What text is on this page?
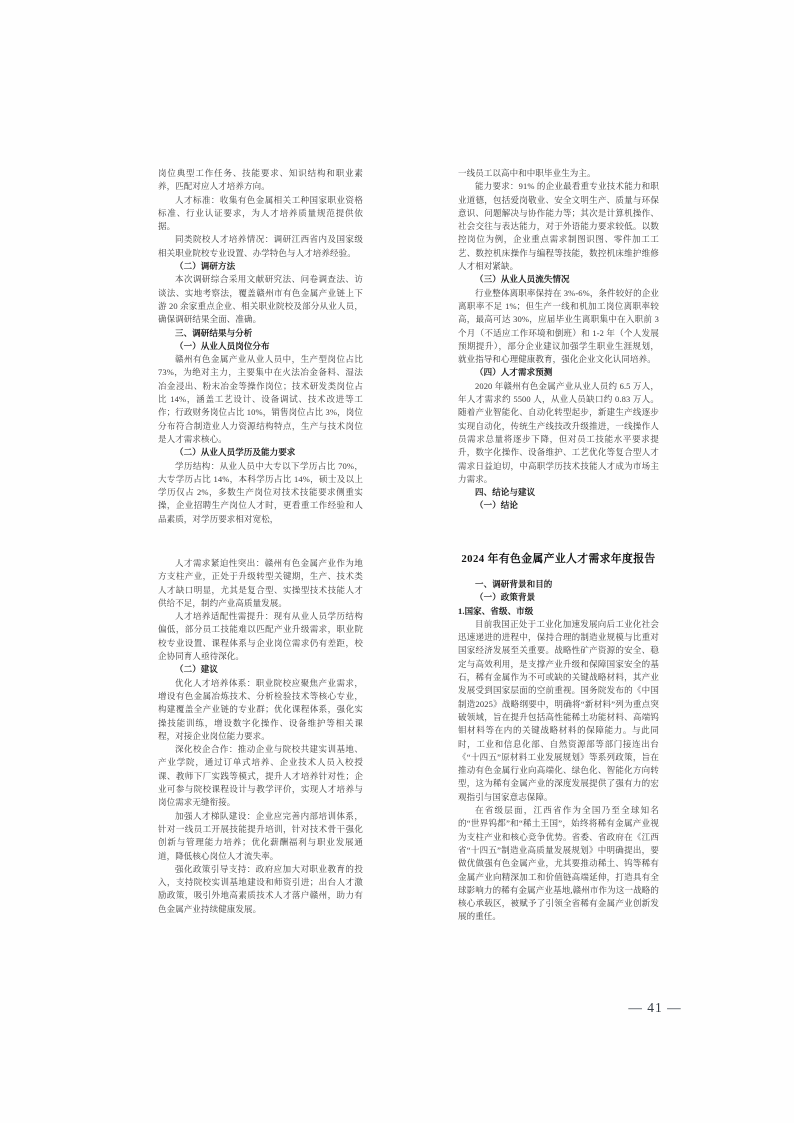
岗位典型工作任务、技能要求、知识结构和职业素养，匹配对应人才培养方向。

人才标准：收集有色金属相关工种国家职业资格标准、行业认证要求，为人才培养质量规范提供依据。

同类院校人才培养情况：调研江西省内及国家级相关职业院校专业设置、办学特色与人才培养经验。

（二）调研方法

本次调研综合采用文献研究法、问卷调查法、访谈法、实地考察法，覆盖赣州市有色金属产业链上下游 20 余家重点企业、相关职业院校及部分从业人员，确保调研结果全面、准确。

三、调研结果与分析

（一）从业人员岗位分布

赣州有色金属产业从业人员中，生产型岗位占比 73%，为绝对主力，主要集中在火法冶金备料、湿法冶金浸出、粉末冶金等操作岗位；技术研发类岗位占比 14%，涵盖工艺设计、设备调试、技术改进等工作；行政财务岗位占比 10%，销售岗位占比 3%，岗位分布符合制造业人力资源结构特点，生产与技术岗位是人才需求核心。

（二）从业人员学历及能力要求

学历结构：从业人员中大专以下学历占比 70%，大专学历占比 14%，本科学历占比 14%，硕士及以上学历仅占 2%，多数生产岗位对技术技能要求侧重实操，企业招聘生产岗位人才时，更看重工作经验和人品素质，对学历要求相对宽松，

一线员工以高中和中职毕业生为主。

能力要求：91% 的企业最看重专业技术能力和职业道德，包括爱岗敬业、安全文明生产、质量与环保意识、问题解决与协作能力等；其次是计算机操作、社会交往与表达能力，对于外语能力要求较低。以数控岗位为例，企业重点需求制图识图、零件加工工艺、数控机床操作与编程等技能，数控机床维护维修人才相对紧缺。

（三）从业人员流失情况

行业整体离职率保持在 3%-6%，条件较好的企业离职率不足 1%；但生产一线和机加工岗位离职率较高，最高可达 30%，应届毕业生离职集中在入职前 3 个月（不适应工作环境和倒班）和 1-2 年（个人发展预期提升），部分企业建议加强学生职业生涯规划，就业指导和心理健康教育，强化企业文化认同培养。

（四）人才需求预测

2020 年赣州有色金属产业从业人员约 6.5 万人，年人才需求约 5500 人，从业人员缺口约 0.83 万人。随着产业智能化、自动化转型起步，新建生产线逐步实现自动化，传统生产线技改升级推进，一线操作人员需求总量将逐步下降，但对员工技能水平要求提升，数字化操作、设备维护、工艺优化等复合型人才需求日益迫切，中高职学历技术技能人才成为市场主力需求。

四、结论与建议

（一）结论

人才需求紧迫性突出：赣州有色金属产业作为地方支柱产业，正处于升级转型关键期，生产、技术类人才缺口明显，尤其是复合型、实操型技术技能人才供给不足，制约产业高质量发展。

人才培养适配性需提升：现有从业人员学历结构偏低，部分员工技能难以匹配产业升级需求，职业院校专业设置、课程体系与企业岗位需求仍有差距，校企协同育人亟待深化。

（二）建议

优化人才培养体系：职业院校应聚焦产业需求，增设有色金属冶炼技术、分析检验技术等核心专业，构建覆盖全产业链的专业群；优化课程体系，强化实操技能训练，增设数字化操作、设备维护等相关课程，对接企业岗位能力要求。

深化校企合作：推动企业与院校共建实训基地、产业学院，通过订单式培养、企业技术人员入校授课、教师下厂实践等模式，提升人才培养针对性；企业可参与院校课程设计与教学评价，实现人才培养与岗位需求无缝衔接。

加强人才梯队建设：企业应完善内部培训体系，针对一线员工开展技能提升培训，针对技术骨干强化创新与管理能力培养；优化薪酬福利与职业发展通道，降低核心岗位人才流失率。

强化政策引导支持：政府应加大对职业教育的投入，支持院校实训基地建设和师资引进；出台人才激励政策，吸引外地高素质技术人才落户赣州，助力有色金属产业持续健康发展。

2024 年有色金属产业人才需求年度报告

一、调研背景和目的

（一）政策背景

1.国家、省级、市级

目前我国正处于工业化加速发展向后工业化社会迅速递进的进程中，保持合理的制造业规模与比重对国家经济发展至关重要。战略性矿产资源的安全、稳定与高效利用，是支撑产业升级和保障国家安全的基石，稀有金属作为不可或缺的关键战略材料，其产业发展受到国家层面的空前重视。国务院发布的《中国制造2025》战略纲要中，明确将“新材料”列为重点突破领域，旨在提升包括高性能稀土功能材料、高端钨钼材料等在内的关键战略材料的保障能力。与此同时，工业和信息化部、自然资源部等部门接连出台《“十四五”原材料工业发展规划》等系列政策，旨在推动有色金属行业向高端化、绿色化、智能化方向转型，这为稀有金属产业的深度发展提供了强有力的宏观指引与国家意志保障。

在省级层面，江西省作为全国乃至全球知名的“世界钨都”和“稀土王国”，始终将稀有金属产业视为支柱产业和核心竞争优势。省委、省政府在《江西省“十四五”制造业高质量发展规划》中明确提出，要做优做强有色金属产业，尤其要推动稀土、钨等稀有金属产业向精深加工和价值链高端延伸，打造具有全球影响力的稀有金属产业基地,赣州市作为这一战略的核心承载区，被赋予了引领全省稀有金属产业创新发展的重任。

— 41 —
